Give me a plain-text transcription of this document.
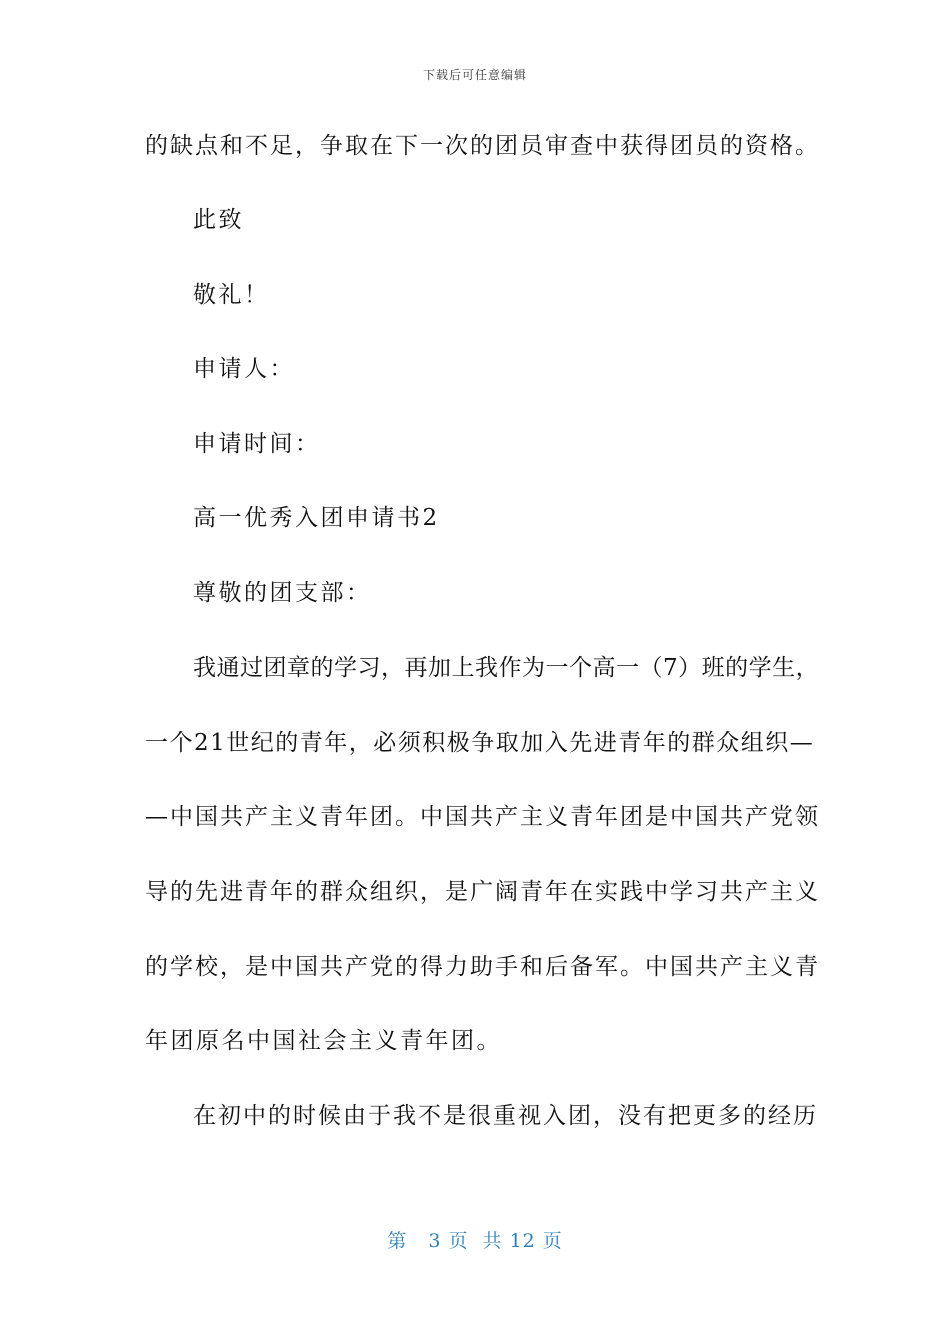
下载后可任意编辑
的缺点和不足，争取在下一次的团员审查中获得团员的资格。
此致
敬礼！
申请人：
申请时间：
高一优秀入团申请书2
尊敬的团支部：
我通过团章的学习，再加上我作为一个高一（7）班的学生，
一个21世纪的青年，必须积极争取加入先进青年的群众组织—
—中国共产主义青年团。中国共产主义青年团是中国共产党领
导的先进青年的群众组织，是广阔青年在实践中学习共产主义
的学校，是中国共产党的得力助手和后备军。中国共产主义青
年团原名中国社会主义青年团。
在初中的时候由于我不是很重视入团，没有把更多的经历
第   3 页  共 12 页
